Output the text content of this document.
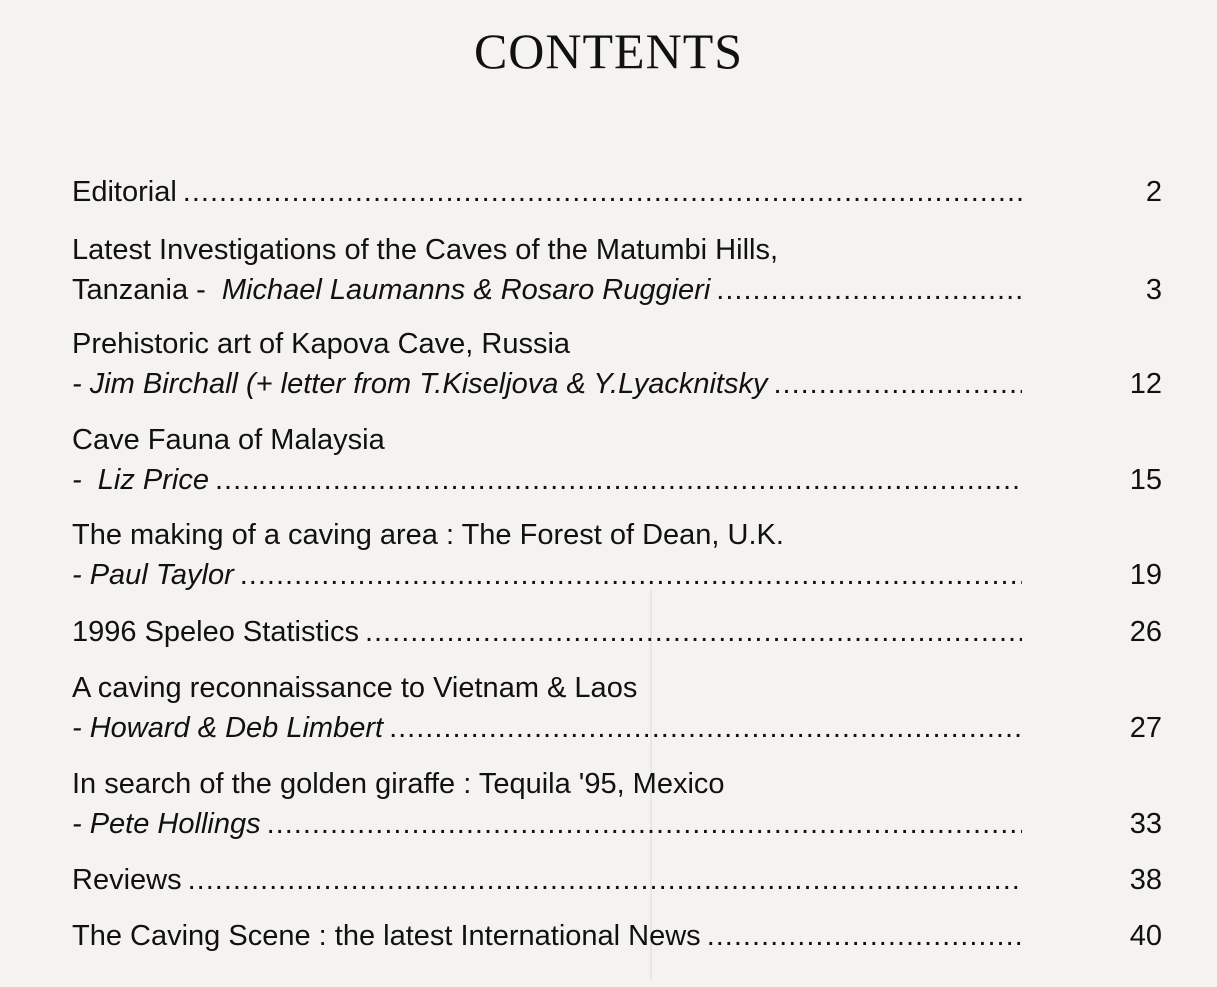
CONTENTS
Editorial .....	2
Latest Investigations of the Caves of the Matumbi Hills,
Tanzania - Michael Laumanns & Rosaro Ruggieri .....	3
Prehistoric art of Kapova Cave, Russia
- Jim Birchall (+ letter from T.Kiseljova & Y.Lyacknitsky .....	12
Cave Fauna of Malaysia
-  Liz Price .....	15
The making of a caving area : The Forest of Dean, U.K.
- Paul Taylor .....	19
1996 Speleo Statistics .....	26
A caving reconnaissance to Vietnam & Laos
- Howard & Deb Limbert .....	27
In search of the golden giraffe : Tequila '95, Mexico
- Pete Hollings .....	33
Reviews .....	38
The Caving Scene : the latest International News .....	40
